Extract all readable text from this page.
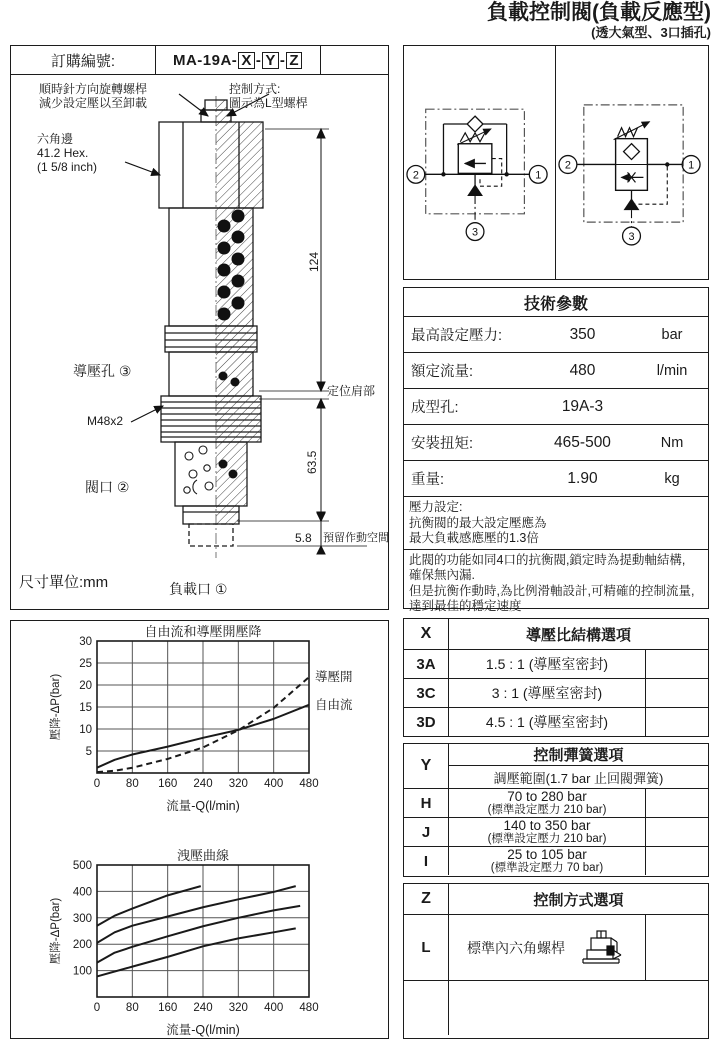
負載控制閥(負載反應型)
(透大氣型、3口插孔)
訂購編號:	MA-19A- X - Y - Z
順時針方向旋轉螺桿
減少設定壓以至卸載
控制方式:
圖示為L型螺桿
六角邊
41.2 Hex.
(1 5/8 inch)
導壓孔 ③
M48x2
閥口 ②
124
定位肩部
63.5
5.8 預留作動空間
負載口 ①
尺寸單位:mm
3
2	1
3
2	1
技術參數
最高設定壓力:	350	bar
額定流量:	480	l/min
成型孔:	19A-3
安裝扭矩:	465-500	Nm
重量:	1.90	kg
壓力設定:
抗衡閥的最大設定壓應為
最大負載感應壓的1.3倍
此閥的功能如同4口的抗衡閥,鎖定時為提動軸結構,
確保無內漏.
但是抗衡作動時,為比例滑軸設計,可精確的控制流量,
達到最佳的穩定速度
X	導壓比結構選項
3A	1.5 : 1 (導壓室密封)
3C	3 : 1 (導壓室密封)
3D	4.5 : 1 (導壓室密封)
Y
控制彈簧選項
調壓範圍(1.7 bar 止回閥彈簧)
H	70 to 280 bar
(標準設定壓力 210 bar)
J	140 to 350 bar
(標準設定壓力 210 bar)
I	25 to 105 bar
(標準設定壓力 70 bar)
Z	控制方式選項
L	標準內六角螺桿
0 80 160 240 320 400 480
5
10
15
20
25
30
導壓開
自由流
自由流和導壓開壓降
流量-Q(l/min)
壓降-ΔP(bar)
0 80 160 240 320 400 480
100
200
300
400
500
洩壓曲線
流量-Q(l/min)
壓降-ΔP(bar)
